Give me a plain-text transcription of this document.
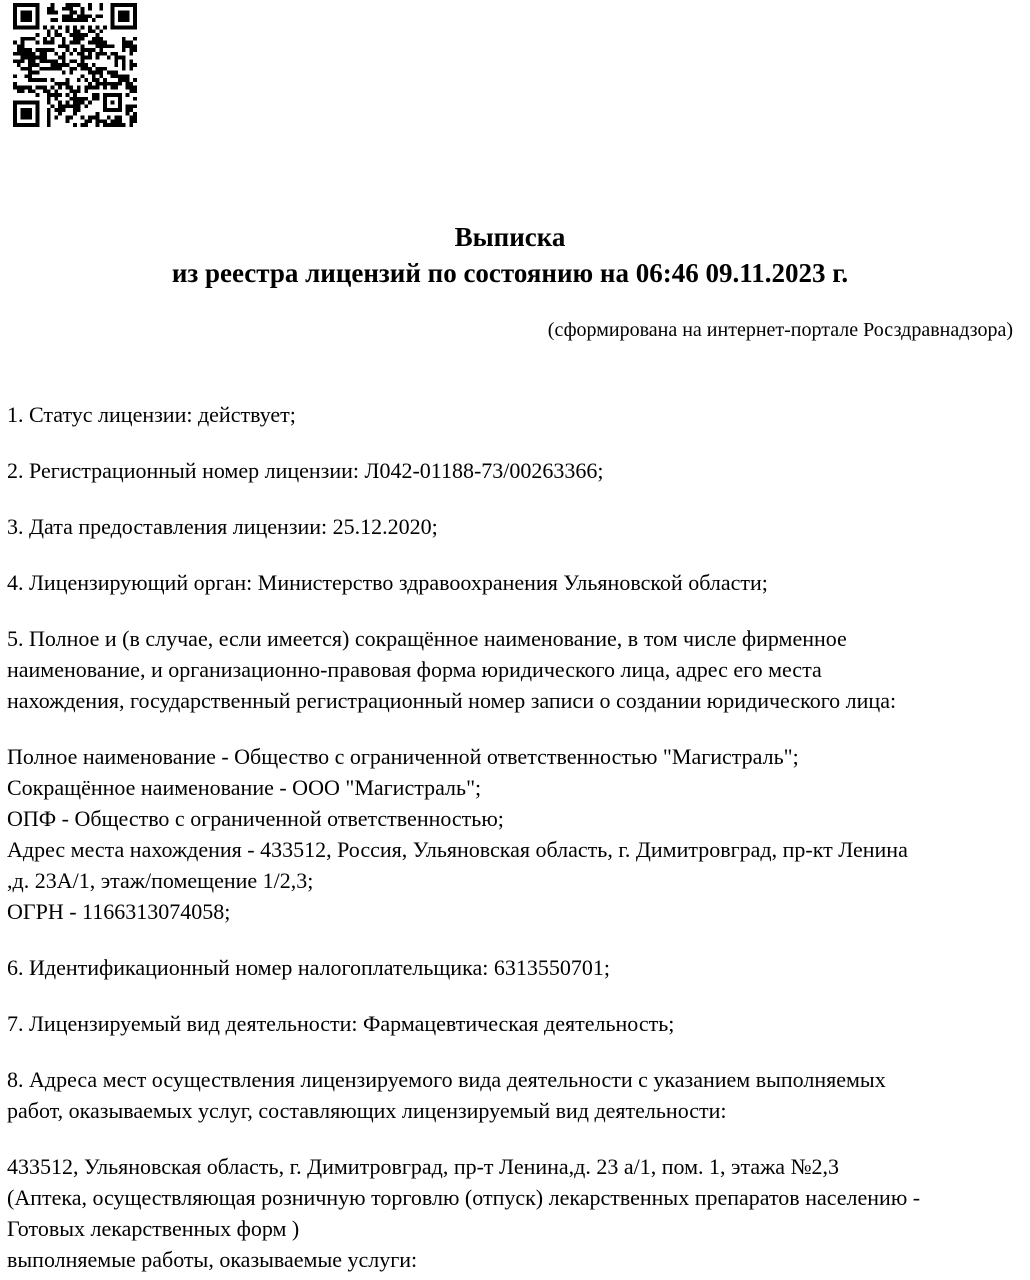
Выписка
из реестра лицензий по состоянию на 06:46 09.11.2023 г.
(сформирована на интернет-портале Росздравнадзора)

1. Статус лицензии: действует;

2. Регистрационный номер лицензии: Л042-01188-73/00263366;

3. Дата предоставления лицензии: 25.12.2020;

4. Лицензирующий орган: Министерство здравоохранения Ульяновской области;

5. Полное и (в случае, если имеется) сокращённое наименование, в том числе фирменное
наименование, и организационно-правовая форма юридического лица, адрес его места
нахождения, государственный регистрационный номер записи о создании юридического лица:

Полное наименование - Общество с ограниченной ответственностью "Магистраль";
Сокращённое наименование - ООО "Магистраль";
ОПФ - Общество с ограниченной ответственностью;
Адрес места нахождения - 433512, Россия, Ульяновская область, г. Димитровград, пр-кт Ленина
,д. 23А/1, этаж/помещение 1/2,3;
ОГРН - 1166313074058;

6. Идентификационный номер налогоплательщика: 6313550701;

7. Лицензируемый вид деятельности: Фармацевтическая деятельность;

8. Адреса мест осуществления лицензируемого вида деятельности с указанием выполняемых
работ, оказываемых услуг, составляющих лицензируемый вид деятельности:

433512, Ульяновская область, г. Димитровград, пр-т Ленина,д. 23 а/1, пом. 1, этажа №2,3
(Аптека, осуществляющая розничную торговлю (отпуск) лекарственных препаратов населению -
Готовых лекарственных форм )
выполняемые работы, оказываемые услуги:
